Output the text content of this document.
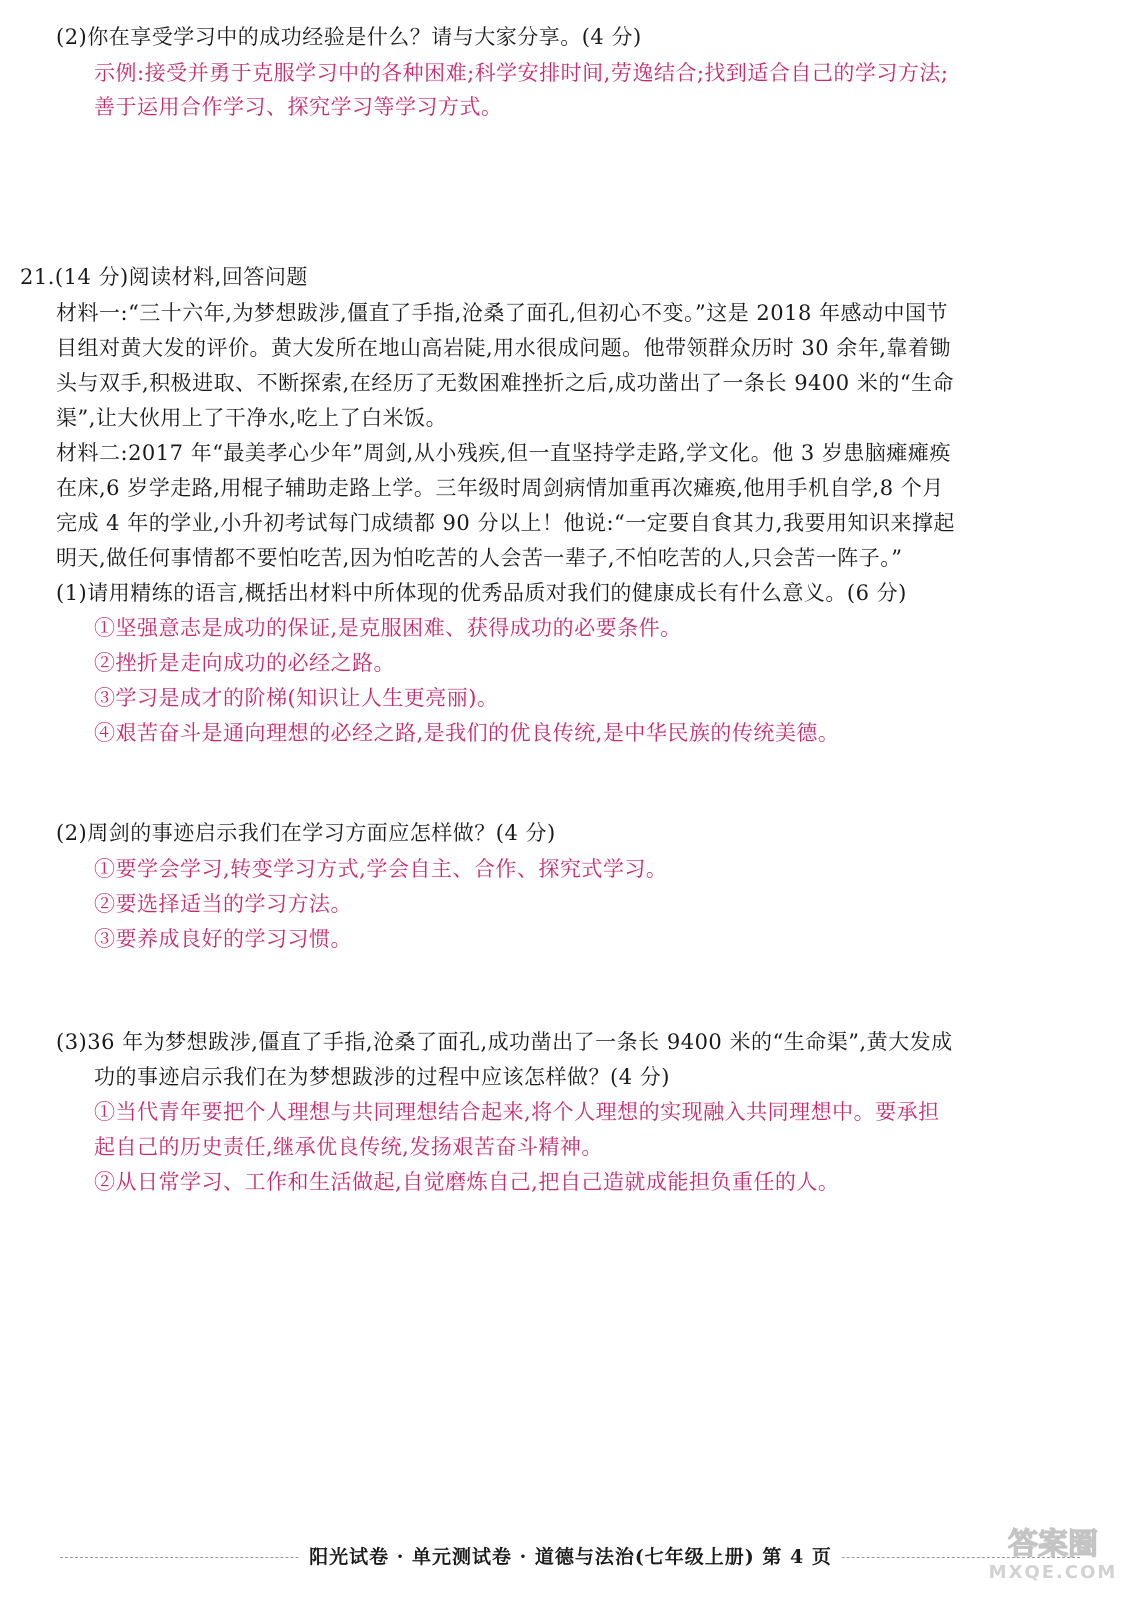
(2)你在享受学习中的成功经验是什么？请与大家分享。(4 分)
示例:接受并勇于克服学习中的各种困难;科学安排时间,劳逸结合;找到适合自己的学习方法;
善于运用合作学习、探究学习等学习方式。
21.(14 分)阅读材料,回答问题
材料一:“三十六年,为梦想跋涉,僵直了手指,沧桑了面孔,但初心不变。”这是 2018 年感动中国节
目组对黄大发的评价。黄大发所在地山高岩陡,用水很成问题。他带领群众历时 30 余年,靠着锄
头与双手,积极进取、不断探索,在经历了无数困难挫折之后,成功凿出了一条长 9400 米的“生命
渠”,让大伙用上了干净水,吃上了白米饭。
材料二:2017 年“最美孝心少年”周剑,从小残疾,但一直坚持学走路,学文化。他 3 岁患脑瘫瘫痪
在床,6 岁学走路,用棍子辅助走路上学。三年级时周剑病情加重再次瘫痪,他用手机自学,8 个月
完成 4 年的学业,小升初考试每门成绩都 90 分以上！他说:“一定要自食其力,我要用知识来撑起
明天,做任何事情都不要怕吃苦,因为怕吃苦的人会苦一辈子,不怕吃苦的人,只会苦一阵子。”
(1)请用精练的语言,概括出材料中所体现的优秀品质对我们的健康成长有什么意义。(6 分)
①坚强意志是成功的保证,是克服困难、获得成功的必要条件。
②挫折是走向成功的必经之路。
③学习是成才的阶梯(知识让人生更亮丽)。
④艰苦奋斗是通向理想的必经之路,是我们的优良传统,是中华民族的传统美德。
(2)周剑的事迹启示我们在学习方面应怎样做？(4 分)
①要学会学习,转变学习方式,学会自主、合作、探究式学习。
②要选择适当的学习方法。
③要养成良好的学习习惯。
(3)36 年为梦想跋涉,僵直了手指,沧桑了面孔,成功凿出了一条长 9400 米的“生命渠”,黄大发成
功的事迹启示我们在为梦想跋涉的过程中应该怎样做？(4 分)
①当代青年要把个人理想与共同理想结合起来,将个人理想的实现融入共同理想中。要承担
起自己的历史责任,继承优良传统,发扬艰苦奋斗精神。
②从日常学习、工作和生活做起,自觉磨炼自己,把自己造就成能担负重任的人。
阳光试卷 · 单元测试卷 · 道德与法治(七年级上册) 第 4 页	答案圈
MXQE.COM
